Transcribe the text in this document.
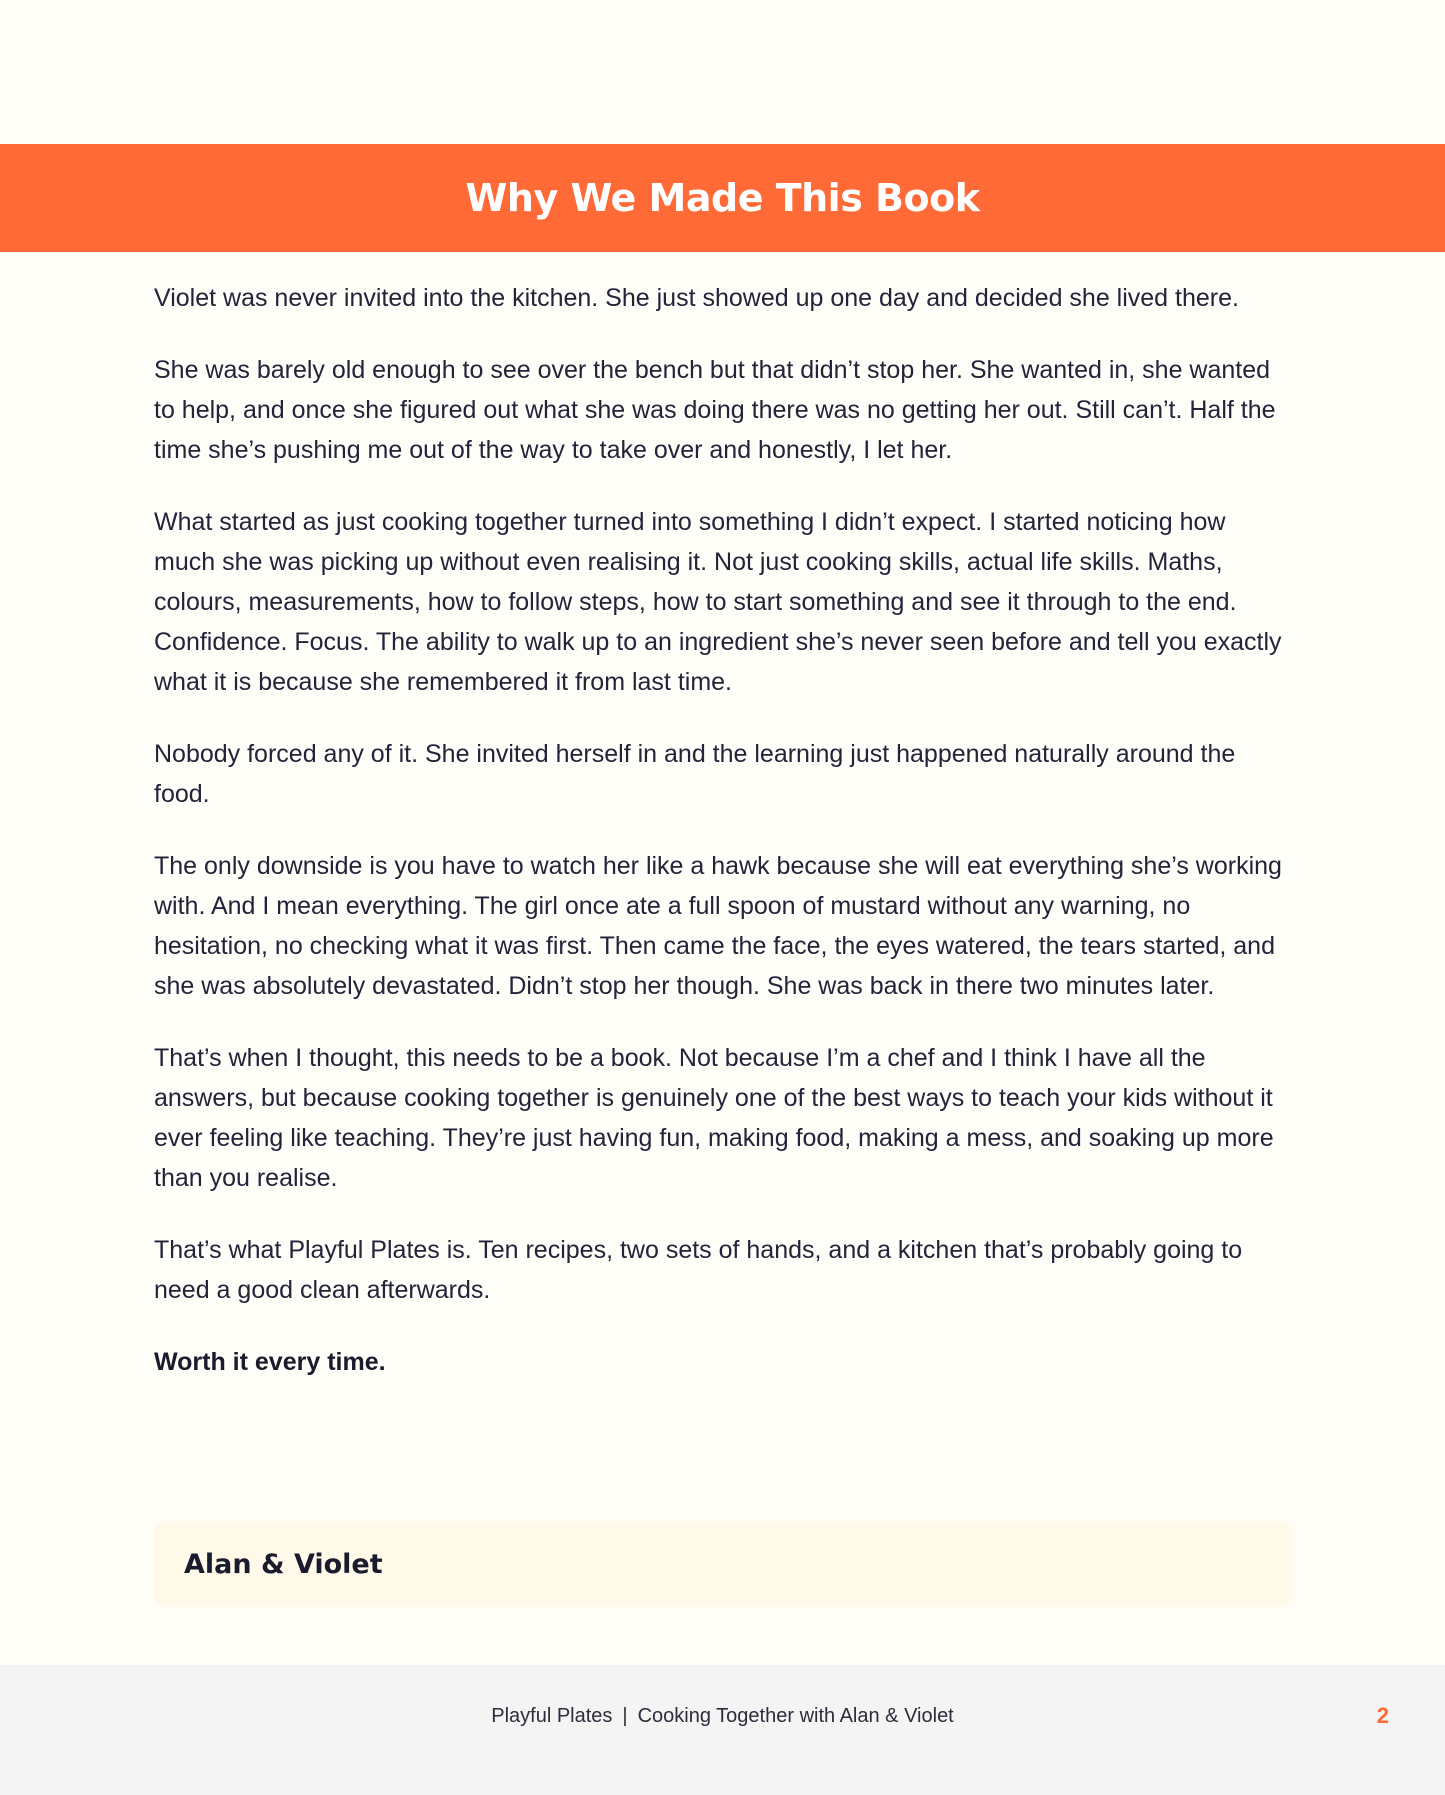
Why We Made This Book

Violet was never invited into the kitchen. She just showed up one day and decided she lived there.

She was barely old enough to see over the bench but that didn’t stop her. She wanted in, she wanted to help, and once she figured out what she was doing there was no getting her out. Still can’t. Half the time she’s pushing me out of the way to take over and honestly, I let her.

What started as just cooking together turned into something I didn’t expect. I started noticing how much she was picking up without even realising it. Not just cooking skills, actual life skills. Maths, colours, measurements, how to follow steps, how to start something and see it through to the end. Confidence. Focus. The ability to walk up to an ingredient she’s never seen before and tell you exactly what it is because she remembered it from last time.

Nobody forced any of it. She invited herself in and the learning just happened naturally around the food.

The only downside is you have to watch her like a hawk because she will eat everything she’s working with. And I mean everything. The girl once ate a full spoon of mustard without any warning, no hesitation, no checking what it was first. Then came the face, the eyes watered, the tears started, and she was absolutely devastated. Didn’t stop her though. She was back in there two minutes later.

That’s when I thought, this needs to be a book. Not because I’m a chef and I think I have all the answers, but because cooking together is genuinely one of the best ways to teach your kids without it ever feeling like teaching. They’re just having fun, making food, making a mess, and soaking up more than you realise.

That’s what Playful Plates is. Ten recipes, two sets of hands, and a kitchen that’s probably going to need a good clean afterwards.

Worth it every time.

Alan & Violet
Playful Plates | Cooking Together with Alan & Violet	2
